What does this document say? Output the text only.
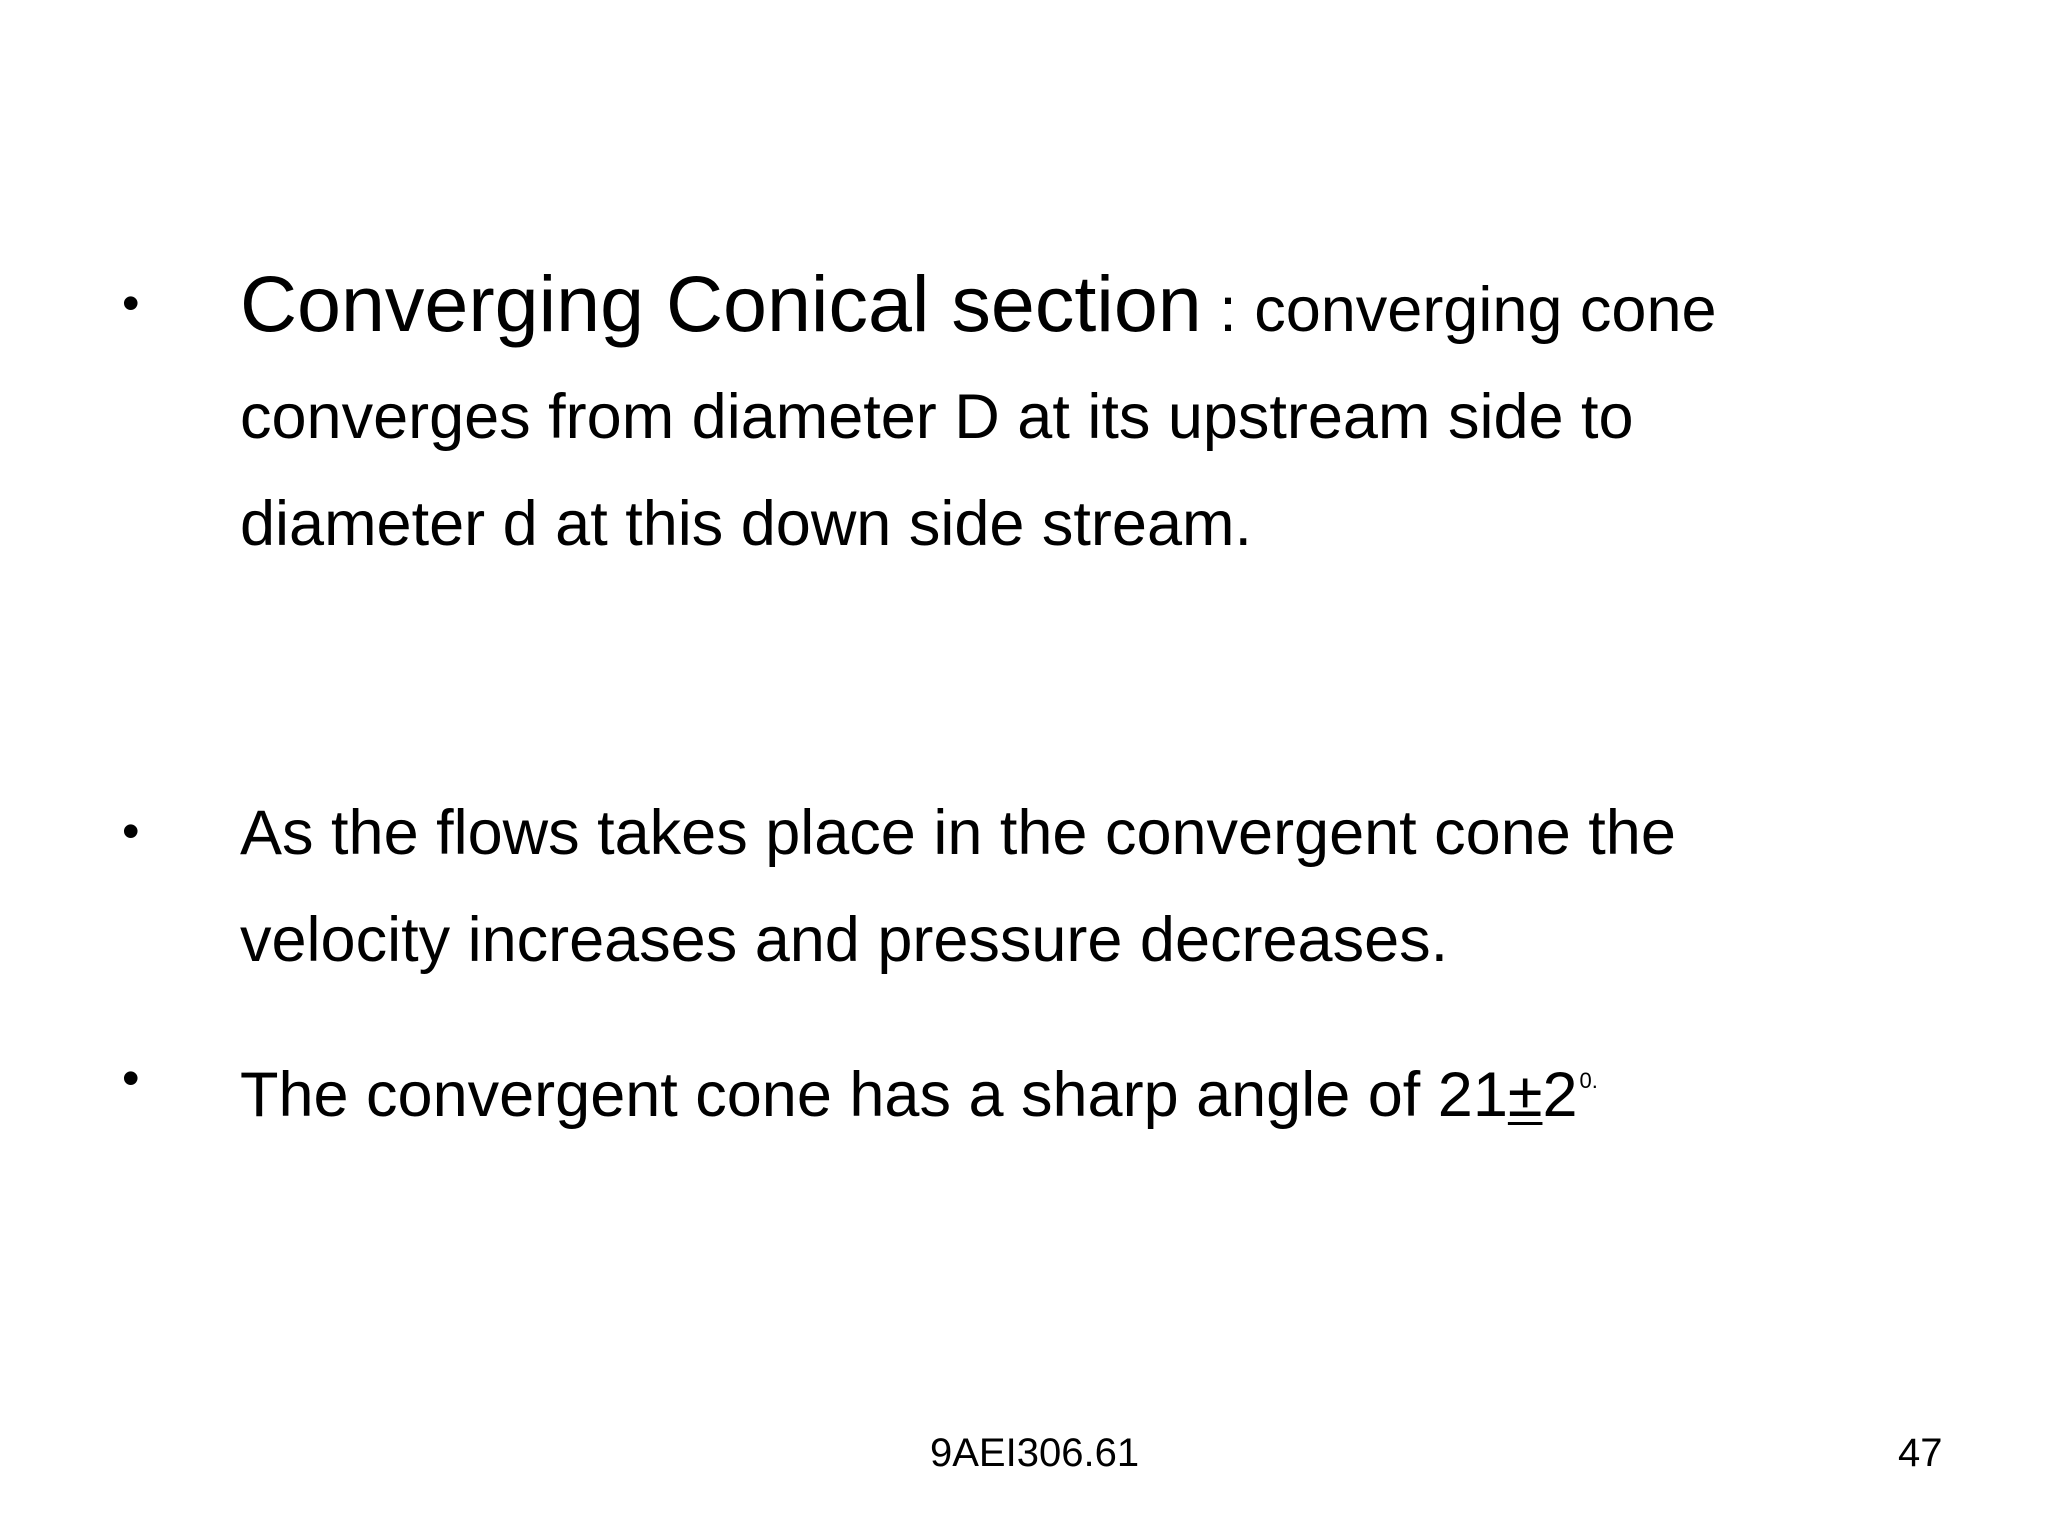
• Converging Conical section : converging cone
converges from diameter D at its upstream side to
diameter d at this down side stream.
• As the flows takes place in the convergent cone the
velocity increases and pressure decreases.
• The convergent cone has a sharp angle of $21\pm 2^{0.}$
9AEI306.61	47
